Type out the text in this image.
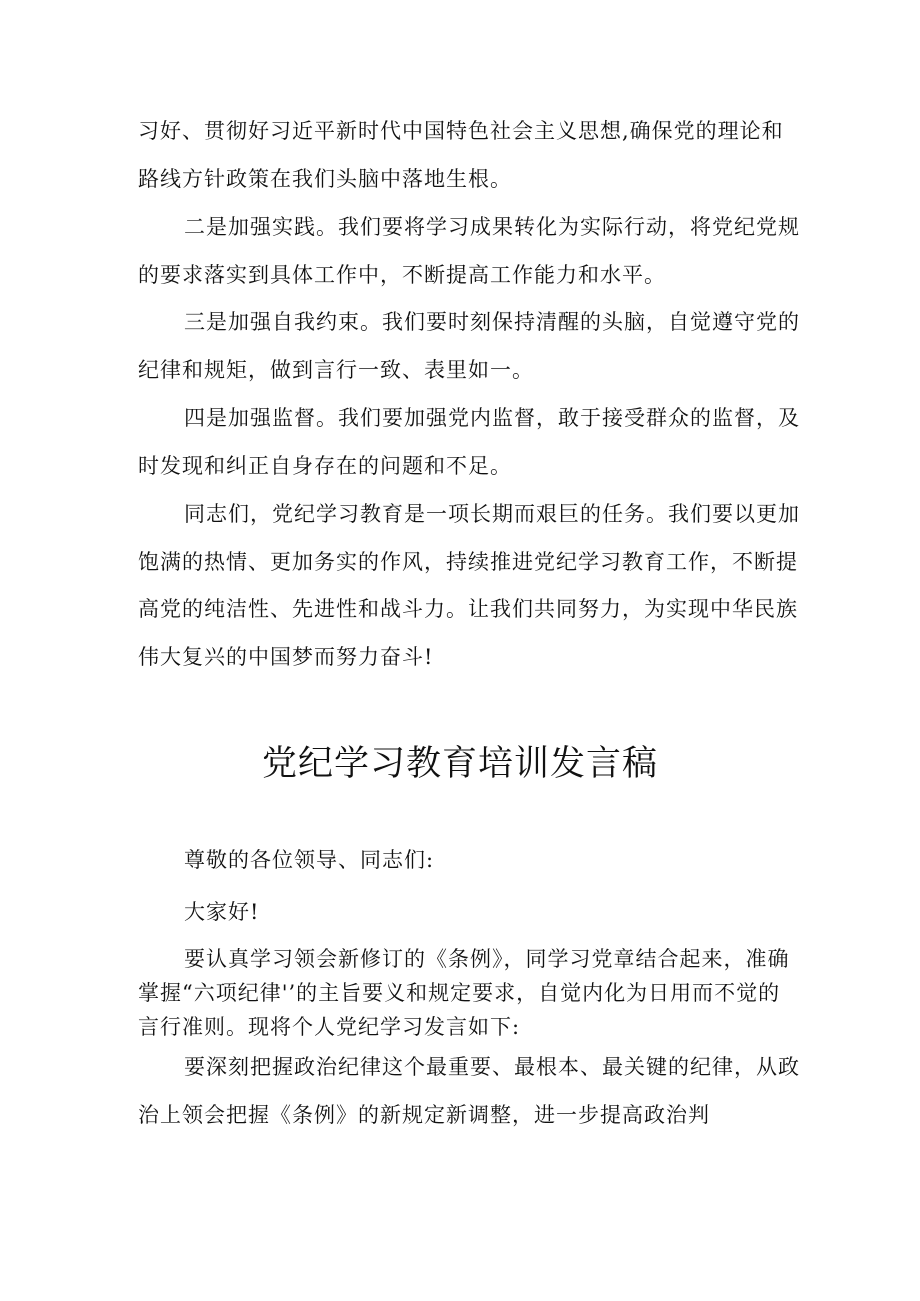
习好、贯彻好习近平新时代中国特色社会主义思想,确保党的理论和路线方针政策在我们头脑中落地生根。

二是加强实践。我们要将学习成果转化为实际行动，将党纪党规的要求落实到具体工作中，不断提高工作能力和水平。

三是加强自我约束。我们要时刻保持清醒的头脑，自觉遵守党的纪律和规矩，做到言行一致、表里如一。

四是加强监督。我们要加强党内监督，敢于接受群众的监督，及时发现和纠正自身存在的问题和不足。

同志们，党纪学习教育是一项长期而艰巨的任务。我们要以更加饱满的热情、更加务实的作风，持续推进党纪学习教育工作，不断提高党的纯洁性、先进性和战斗力。让我们共同努力，为实现中华民族伟大复兴的中国梦而努力奋斗!

党纪学习教育培训发言稿

尊敬的各位领导、同志们:

大家好!

要认真学习领会新修订的《条例》，同学习党章结合起来，准确掌握“六项纪律'’的主旨要义和规定要求，自觉内化为日用而不觉的言行准则。现将个人党纪学习发言如下:

要深刻把握政治纪律这个最重要、最根本、最关键的纪律，从政治上领会把握《条例》的新规定新调整，进一步提高政治判
